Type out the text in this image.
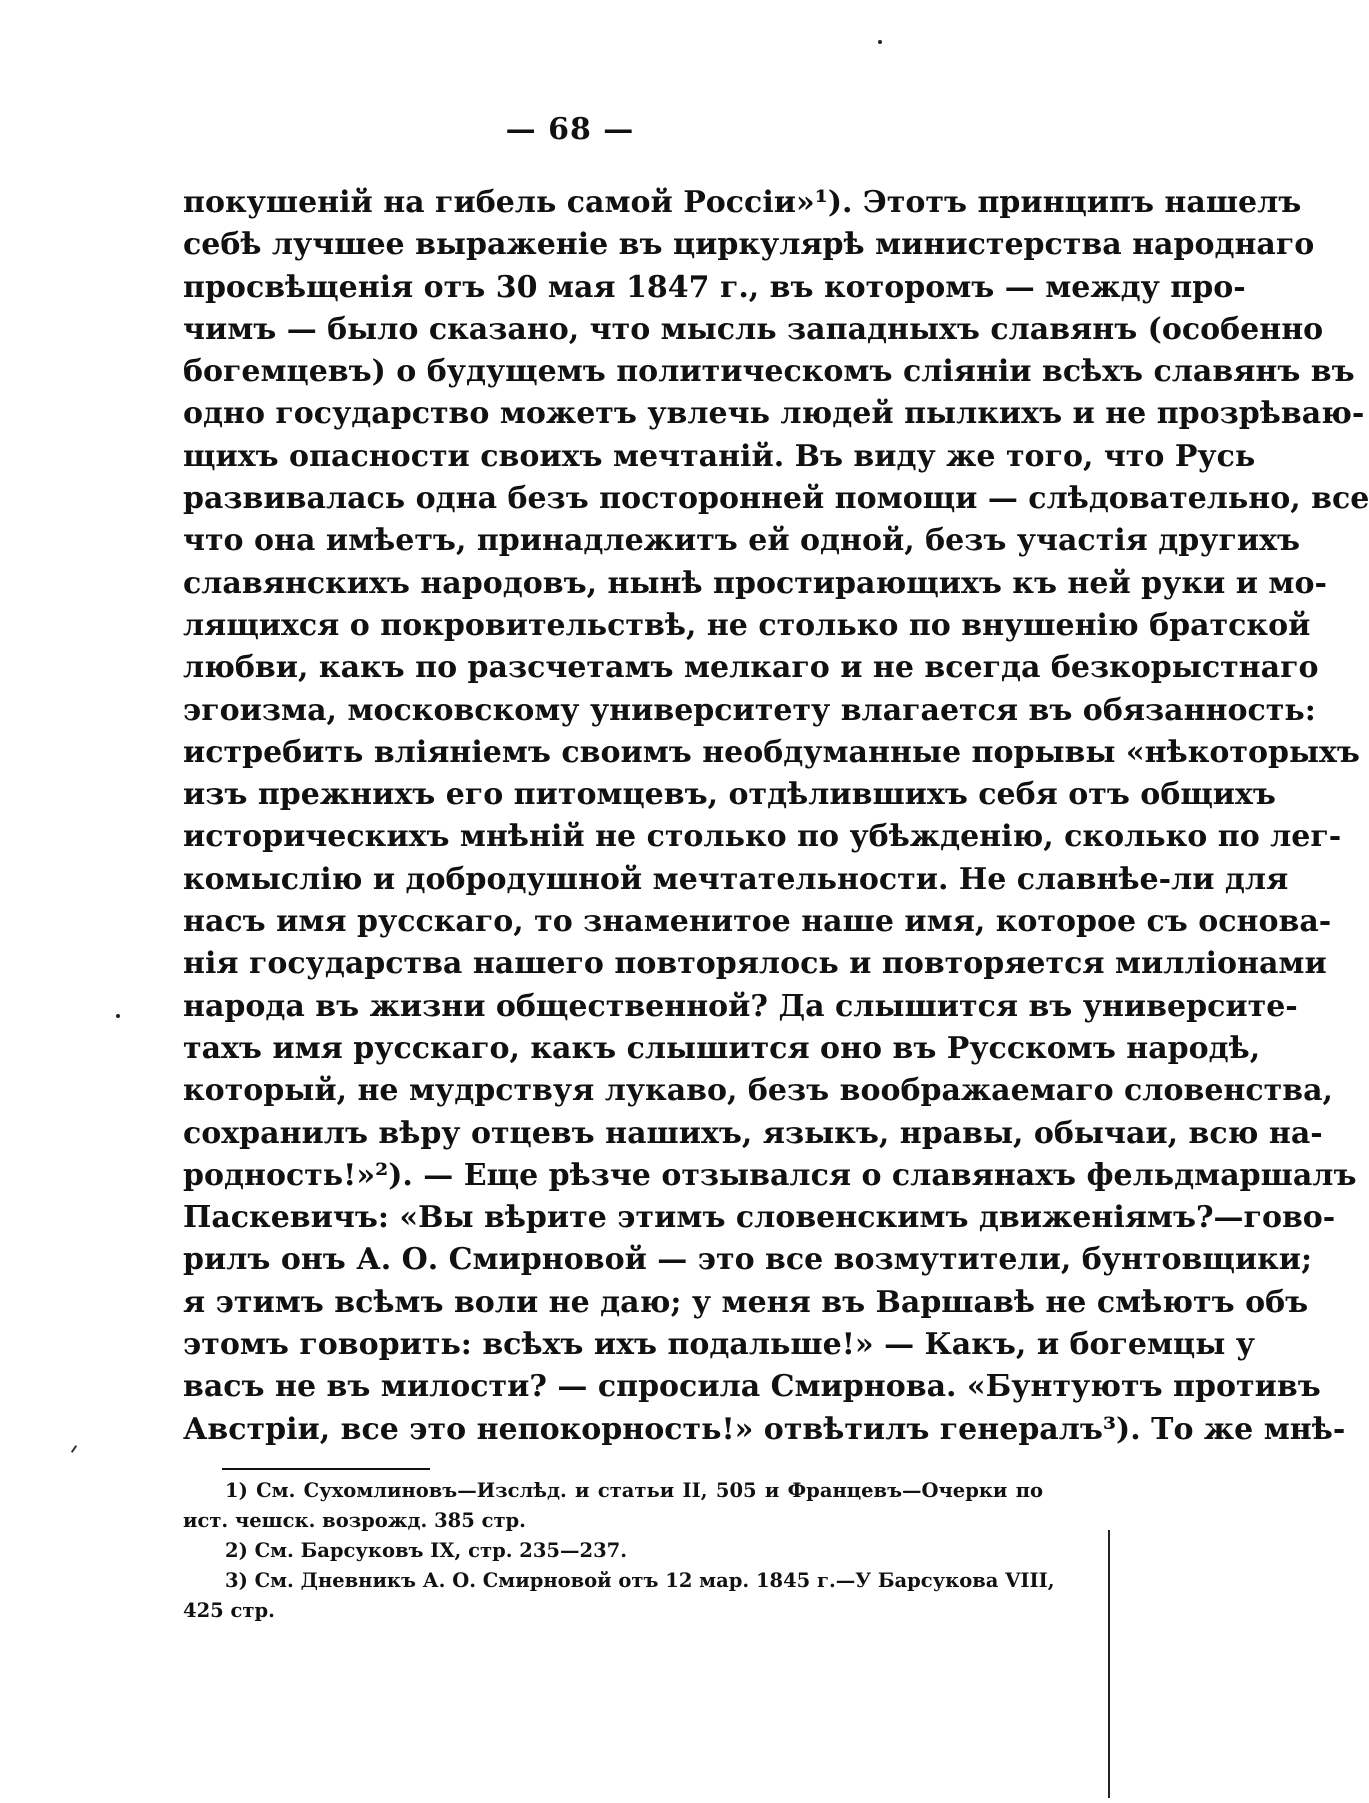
— 68 —
покушеній на гибель самой Россіи»¹). Этотъ принципъ нашелъ
себѣ лучшее выраженіе въ циркулярѣ министерства народнаго
просвѣщенія отъ 30 мая 1847 г., въ которомъ — между про-
чимъ — было сказано, что мысль западныхъ славянъ (особенно
богемцевъ) о будущемъ политическомъ сліяніи всѣхъ славянъ въ
одно государство можетъ увлечь людей пылкихъ и не прозрѣваю-
щихъ опасности своихъ мечтаній. Въ виду же того, что Русь
развивалась одна безъ посторонней помощи — слѣдовательно, все
что она имѣетъ, принадлежитъ ей одной, безъ участія другихъ
славянскихъ народовъ, нынѣ простирающихъ къ ней руки и мо-
лящихся о покровительствѣ, не столько по внушенію братской
любви, какъ по разсчетамъ мелкаго и не всегда безкорыстнаго
эгоизма, московскому университету влагается въ обязанность:
истребить вліяніемъ своимъ необдуманные порывы «нѣкоторыхъ
изъ прежнихъ его питомцевъ, отдѣлившихъ себя отъ общихъ
историческихъ мнѣній не столько по убѣжденію, сколько по лег-
комыслію и добродушной мечтательности. Не славнѣе-ли для
насъ имя русскаго, то знаменитое наше имя, которое съ основа-
нія государства нашего повторялось и повторяется милліонами
народа въ жизни общественной? Да слышится въ университе-
тахъ имя русскаго, какъ слышится оно въ Русскомъ народѣ,
который, не мудрствуя лукаво, безъ воображаемаго словенства,
сохранилъ вѣру отцевъ нашихъ, языкъ, нравы, обычаи, всю на-
родность!»²). — Еще рѣзче отзывался о славянахъ фельдмаршалъ
Паскевичъ: «Вы вѣрите этимъ словенскимъ движеніямъ?—гово-
рилъ онъ А. О. Смирновой — это все возмутители, бунтовщики;
я этимъ всѣмъ воли не даю; у меня въ Варшавѣ не смѣютъ объ
этомъ говорить: всѣхъ ихъ подальше!» — Какъ, и богемцы у
васъ не въ милости? — спросила Смирнова. «Бунтуютъ противъ
Австріи, все это непокорность!» отвѣтилъ генералъ³). То же мнѣ-
1) См. Сухомлиновъ—Изслѣд. и статьи II, 505 и Францевъ—Очерки по
ист. чешск. возрожд. 385 стр.
2) См. Барсуковъ IX, стр. 235—237.
3) См. Дневникъ А. О. Смирновой отъ 12 мар. 1845 г.—У Барсукова VIII,
425 стр.
